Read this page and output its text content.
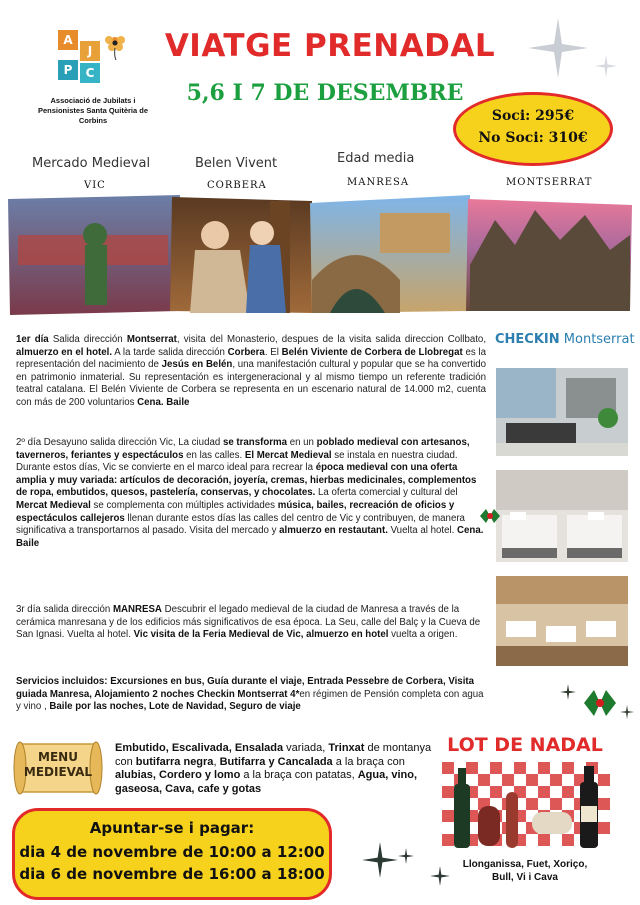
A
J
P	C
Associació de Jubilats i
Pensionistes Santa Quitèria de
Corbins
VIATGE PRENADAL
5,6 I 7 DE DESEMBRE
Soci: 295€
No Soci: 310€
Mercado Medieval
VIC
Belen Vivent
CORBERA
Edad media
MANRESA	MONTSERRAT
1er día Salida dirección Montserrat, visita del Monasterio, despues de la visita salida direccion Collbato, almuerzo en el hotel. A la tarde salida dirección Corbera. El Belén Viviente de Corbera de Llobregat es la representación del nacimiento de Jesús en Belén, una manifestación cultural y popular que se ha convertido en patrimonio inmaterial. Su representación es intergeneracional y al mismo tiempo un referente tradición teatral catalana. El Belén Viviente de Corbera se representa en un escenario natural de 14.000 m2, cuenta con más de 200 voluntarios Cena. Baile
2º día Desayuno salida dirección Vic, La ciudad se transforma en un poblado medieval con artesanos, taverneros, feriantes y espectáculos en las calles. El Mercat Medieval se instala en nuestra ciudad. Durante estos días, Vic se convierte en el marco ideal para recrear la época medieval con una oferta amplia y muy variada: artículos de decoración, joyería, cremas, hierbas medicinales, complementos de ropa, embutidos, quesos, pastelería, conservas, y chocolates. La oferta comercial y cultural del Mercat Medieval se complementa con múltiples actividades música, bailes, recreación de oficios y espectáculos callejeros llenan durante estos días las calles del centro de Vic y contribuyen, de manera significativa a transportarnos al pasado. Visita del mercado y almuerzo en restautant. Vuelta al hotel. Cena. Baile
3r día salida dirección MANRESA Descubrir el legado medieval de la ciudad de Manresa a través de la cerámica manresana y de los edificios más significativos de esa época. La Seu, calle del Balç y la Cueva de San Ignasi. Vuelta al hotel. Vic visita de la Feria Medieval de Vic, almuerzo en hotel vuelta a origen.
Servicios incluidos: Excursiones en bus, Guía durante el viaje, Entrada Pessebre de Corbera, Visita guiada Manresa, Alojamiento 2 noches Checkin Montserrat 4*en régimen de Pensión completa con agua y vino , Baile por las noches, Lote de Navidad, Seguro de viaje
CHECKIN Montserrat
MENU
MEDIEVAL
Embutido, Escalivada, Ensalada variada, Trinxat de montanya con butifarra negra, Butifarra y Cancalada a la braça con alubias, Cordero y lomo a la braça con patatas, Agua, vino, gaseosa, Cava, cafe y gotas
Apuntar-se i pagar:
dia 4 de novembre de 10:00 a 12:00
dia 6 de novembre de 16:00 a 18:00
LOT DE NADAL
Llonganissa, Fuet, Xoriço,
Bull, Vi i Cava
